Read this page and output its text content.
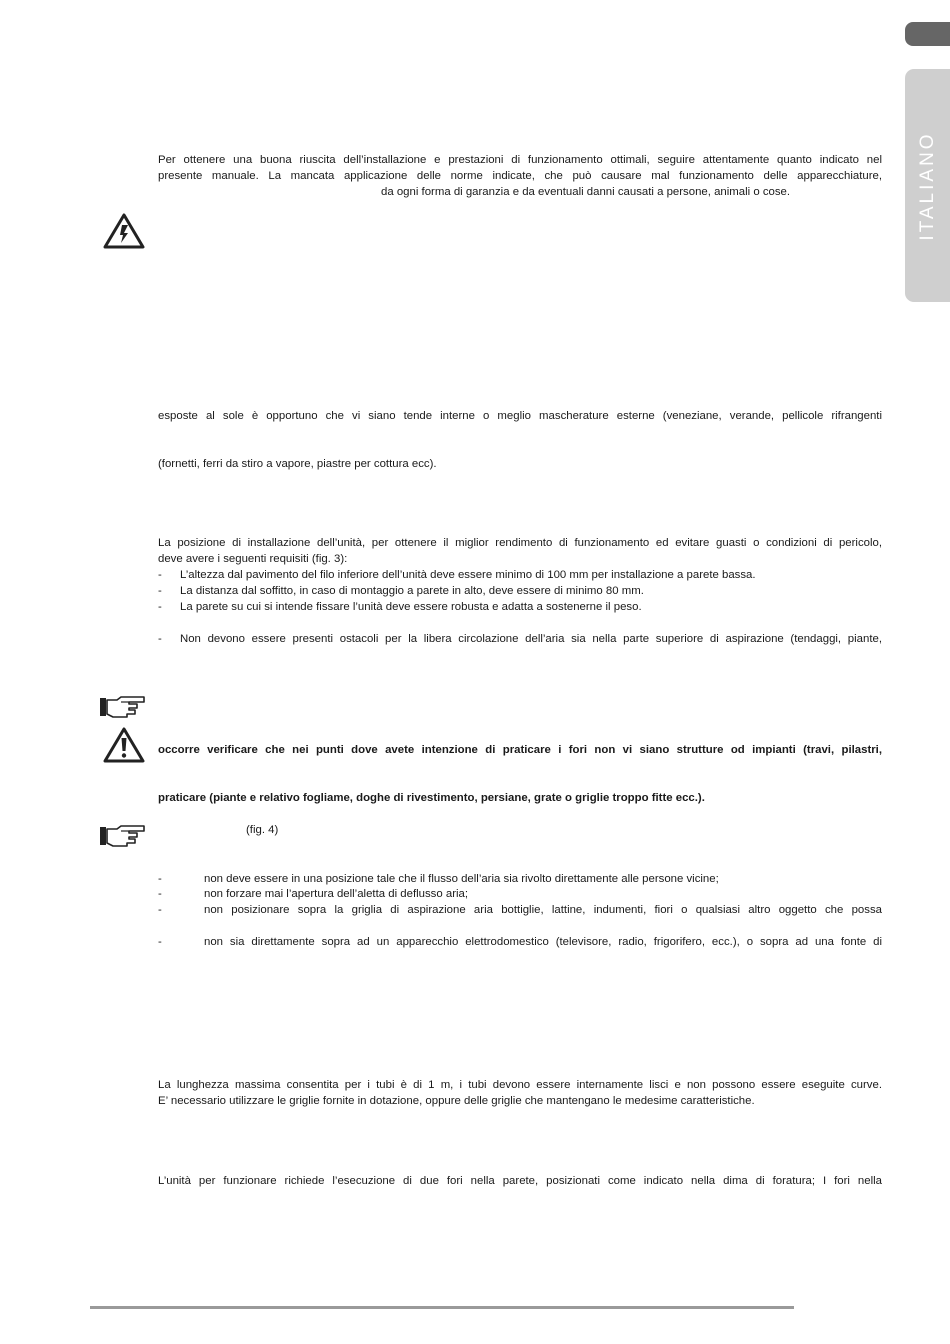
ITALIANO
Per ottenere una buona riuscita dell’installazione e prestazioni di funzionamento ottimali, seguire attentamente quanto indicato nel
presente manuale. La mancata applicazione delle norme indicate, che può causare mal funzionamento delle apparecchiature,
da ogni forma di garanzia e da eventuali danni causati a persone, animali o cose.
esposte al sole è opportuno che vi siano tende interne o meglio mascherature esterne (veneziane, verande, pellicole rifrangenti
(fornetti, ferri da stiro a vapore, piastre per cottura ecc).
La posizione di installazione dell’unità, per ottenere il miglior rendimento di funzionamento ed evitare guasti o condizioni di pericolo,
deve avere i seguenti requisiti (fig. 3):
- L’altezza dal pavimento del filo inferiore dell’unità deve essere minimo di 100 mm per installazione a parete bassa.
- La distanza dal soffitto, in caso di montaggio a parete in alto, deve essere di minimo 80 mm.
- La parete su cui si intende fissare l’unità deve essere robusta e adatta a sostenerne il peso.
- Non devono essere presenti ostacoli per la libera circolazione dell’aria sia nella parte superiore di aspirazione (tendaggi, piante,
occorre verificare che nei punti dove avete intenzione di praticare i fori non vi siano strutture od impianti (travi, pilastri,
praticare (piante e relativo fogliame, doghe di rivestimento, persiane, grate o griglie troppo fitte ecc.).
(fig. 4)
-	non deve essere in una posizione tale che il flusso dell’aria sia rivolto direttamente alle persone vicine;
-	non forzare mai l’apertura dell’aletta di deflusso aria;
-	non posizionare sopra la griglia di aspirazione aria bottiglie, lattine, indumenti, fiori o qualsiasi altro oggetto che possa
-	non sia direttamente sopra ad un apparecchio elettrodomestico (televisore, radio, frigorifero, ecc.), o sopra ad una fonte di
La lunghezza massima consentita per i tubi è di 1 m, i tubi devono essere internamente lisci e non possono essere eseguite curve.
E’ necessario utilizzare le griglie fornite in dotazione, oppure delle griglie che mantengano le medesime caratteristiche.
L’unità per funzionare richiede l’esecuzione di due fori nella parete, posizionati come indicato nella dima di foratura; I fori nella
